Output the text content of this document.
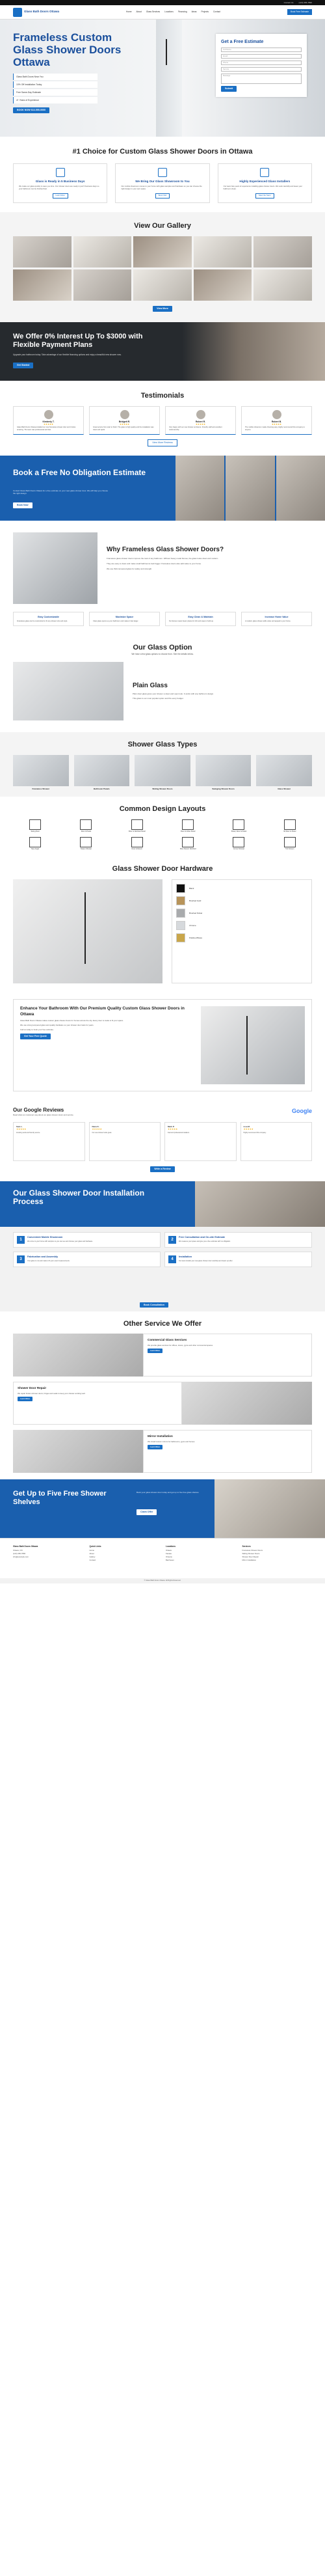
Contact Us	(123) 456-7890
Glass Bath Doors Ottawa	Home About Glass Services Locations Financing Ideas Projects Contact	Book Free Estimate
Frameless Custom Glass Shower Doors Ottawa
Glass Bath Doors Near You
10% Off Installation Today
Free Same-Day Estimate
4+ Years of Experience
BOOK NOW 613-555-0000
Get a Free Estimate
Full Name
Email
Phone
Service
Message
Submit
#1 Choice for Custom Glass Shower Doors in Ottawa
Glass is Ready in 5 Business Days

We make our glass quickly to save you time. Our shower doors are ready in just 5 business days so your bathroom can be finished fast.

Learn More
We Bring Our Glass Showroom to You

Our mobile showroom comes to your home with glass samples and hardware so you can choose the right design in your own space.

Book Visit
Highly Experienced Glass Installers

Our team has years of experience installing glass shower doors. We work carefully and leave your bathroom clean.

Meet the Team
View Our Gallery
View More
We Offer 0% Interest Up To $3000 with Flexible Payment Plans

Upgrade your bathroom today. Take advantage of our flexible financing options and enjoy a beautiful new shower now.

Get Started
Testimonials
Kimberly T.
★★★★★

Glass Bath Doors Ottawa installed our new frameless shower door and it looks amazing. The team was professional and fast.

Bridgett R.
★★★★★

Great service from start to finish. The glass is high quality and the installation was clean and quick.

Robert R.
★★★★★

Very happy with our new shower enclosure. Friendly staff and excellent workmanship.

Robert B.
★★★★★

The mobile showroom made choosing easy. Highly recommend this company to anyone.

View More Reviews
Book a Free No Obligation Estimate

Contact Glass Bath Doors Ottawa for a free estimate on your new glass shower door. We will help you choose the right design.

Book Now
Why Frameless Glass Shower Doors?

Frameless glass shower doors improve the look of any bathroom. Without heavy metal frames, the glass looks clean and modern.

They are easy to clean and make small bathrooms look bigger. Frameless doors also add value to your home.

We use thick tempered glass for safety and strength.

Easy Customizable

Frameless glass can be customized to fit any shower size and style.

Maximize Space

Clear glass opens up your bathroom and makes it feel larger.

Easy Clean & Maintain

No frames means fewer places for dirt and soap to build up.

Increase Home Value

A modern glass shower adds value and appeal to your home.

Our Glass Option

We have a few glass options to choose from. See the details below.

Plain Glass

Plain clear glass gives your shower a clean and open look. It works with any bathroom design.

This glass is our most popular option and fits every budget.

Shower Glass Types
Frameless Shower	Bathroom Panels	Sliding Shower Doors	Swinging Shower Doors	Glass Shower
Common Design Layouts
Swing Door	Door & Panel	Door & Notched Panel	Door & Inline Panel	Panel, Door & Panel	90 Door & Panel
Neo Angle	Steam Shower	Door & Return	Door Return Notched	Corner Shower	Tub Screen
Glass Shower Door Hardware
Black
Brushed Gold
Brushed Nickel
Chrome
Polished Brass
Enhance Your Bathroom With Our Premium Quality Custom Glass Shower Doors in Ottawa

Glass Bath Doors Ottawa makes custom glass shower doors for homes across the city. Every door is made to fit your space.

We use strong tempered glass and quality hardware so your shower door lasts for years.

Call us today to book your free estimate.

Get Your Free Quote
Our Google Reviews

Read what our customers say about our glass shower doors and service.

Google
Sam L.
★★★★★

Amazing work and friendly service.

Dana K.
★★★★★

Our new shower looks great.

Mark P.
★★★★★

Fast and professional installers.

Lisa M.
★★★★★

Highly recommend this company.

Write a Review
Our Glass Shower Door Installation Process
1
Convenient Mobile Showroom

We come to your home with samples so you can see and choose your glass and hardware.	2
Free Consultation and On-site Estimate

We measure your space and give you a free estimate with no obligation.

3
Fabrication and Assembly

Your glass is cut and made to fit your exact measurements.	4
Installation

Our team installs your new glass shower door carefully and cleans up after.

Book Consultation
Other Service We Offer
Commercial Glass Services

We provide glass services for offices, stores, gyms and other commercial spaces.

Learn More
Shower Door Repair

We repair broken shower doors, hinges and seals to keep your shower working well.

Learn More
Mirror Installation

We install custom mirrors for bathrooms, gyms and homes.

Learn More
Get Up to Five Free Shower Shelves

Book your glass shower door today and get up to five free glass shelves.

Claim Offer
Glass Bath Doors Ottawa
Ottawa, ON
(123) 456-7890
info@example.com
Quick Links
Home
About
Gallery
Contact
Locations
Ottawa
Kanata
Orleans
Barrhaven
Services
Frameless Shower Doors
Sliding Shower Doors
Shower Door Repair
Mirror Installation
© Glass Bath Doors Ottawa. All Rights Reserved.
